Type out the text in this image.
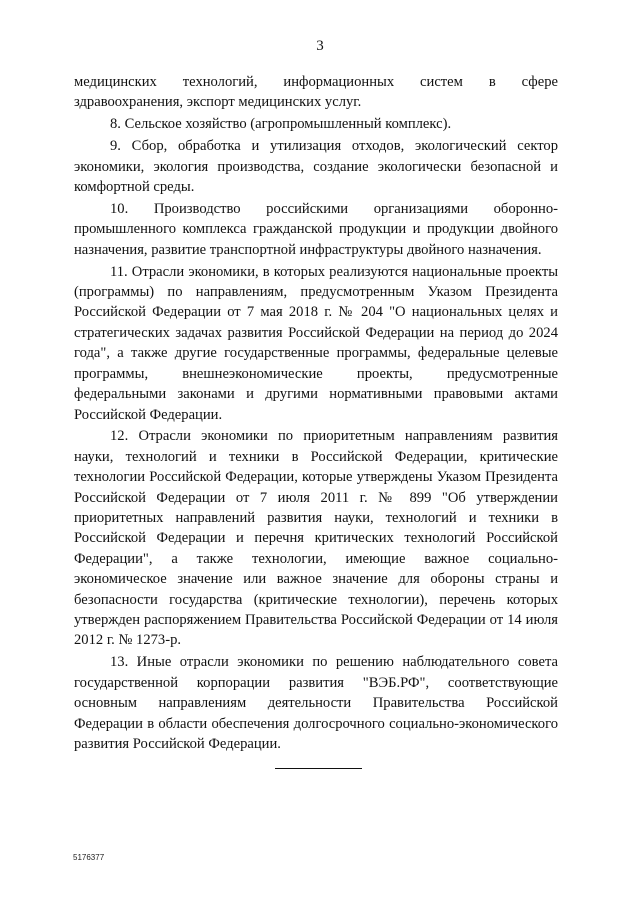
3

медицинских технологий, информационных систем в сфере здравоохранения, экспорт медицинских услуг.

8. Сельское хозяйство (агропромышленный комплекс).

9. Сбор, обработка и утилизация отходов, экологический сектор экономики, экология производства, создание экологически безопасной и комфортной среды.

10. Производство российскими организациями оборонно-промышленного комплекса гражданской продукции и продукции двойного назначения, развитие транспортной инфраструктуры двойного назначения.

11. Отрасли экономики, в которых реализуются национальные проекты (программы) по направлениям, предусмотренным Указом Президента Российской Федерации от 7 мая 2018 г. № 204 "О национальных целях и стратегических задачах развития Российской Федерации на период до 2024 года", а также другие государственные программы, федеральные целевые программы, внешнеэкономические проекты, предусмотренные федеральными законами и другими нормативными правовыми актами Российской Федерации.

12. Отрасли экономики по приоритетным направлениям развития науки, технологий и техники в Российской Федерации, критические технологии Российской Федерации, которые утверждены Указом Президента Российской Федерации от 7 июля 2011 г. № 899 "Об утверждении приоритетных направлений развития науки, технологий и техники в Российской Федерации и перечня критических технологий Российской Федерации", а также технологии, имеющие важное социально-экономическое значение или важное значение для обороны страны и безопасности государства (критические технологии), перечень которых утвержден распоряжением Правительства Российской Федерации от 14 июля 2012 г. № 1273-р.

13. Иные отрасли экономики по решению наблюдательного совета государственной корпорации развития "ВЭБ.РФ", соответствующие основным направлениям деятельности Правительства Российской Федерации в области обеспечения долгосрочного социально-экономического развития Российской Федерации.

5176377
